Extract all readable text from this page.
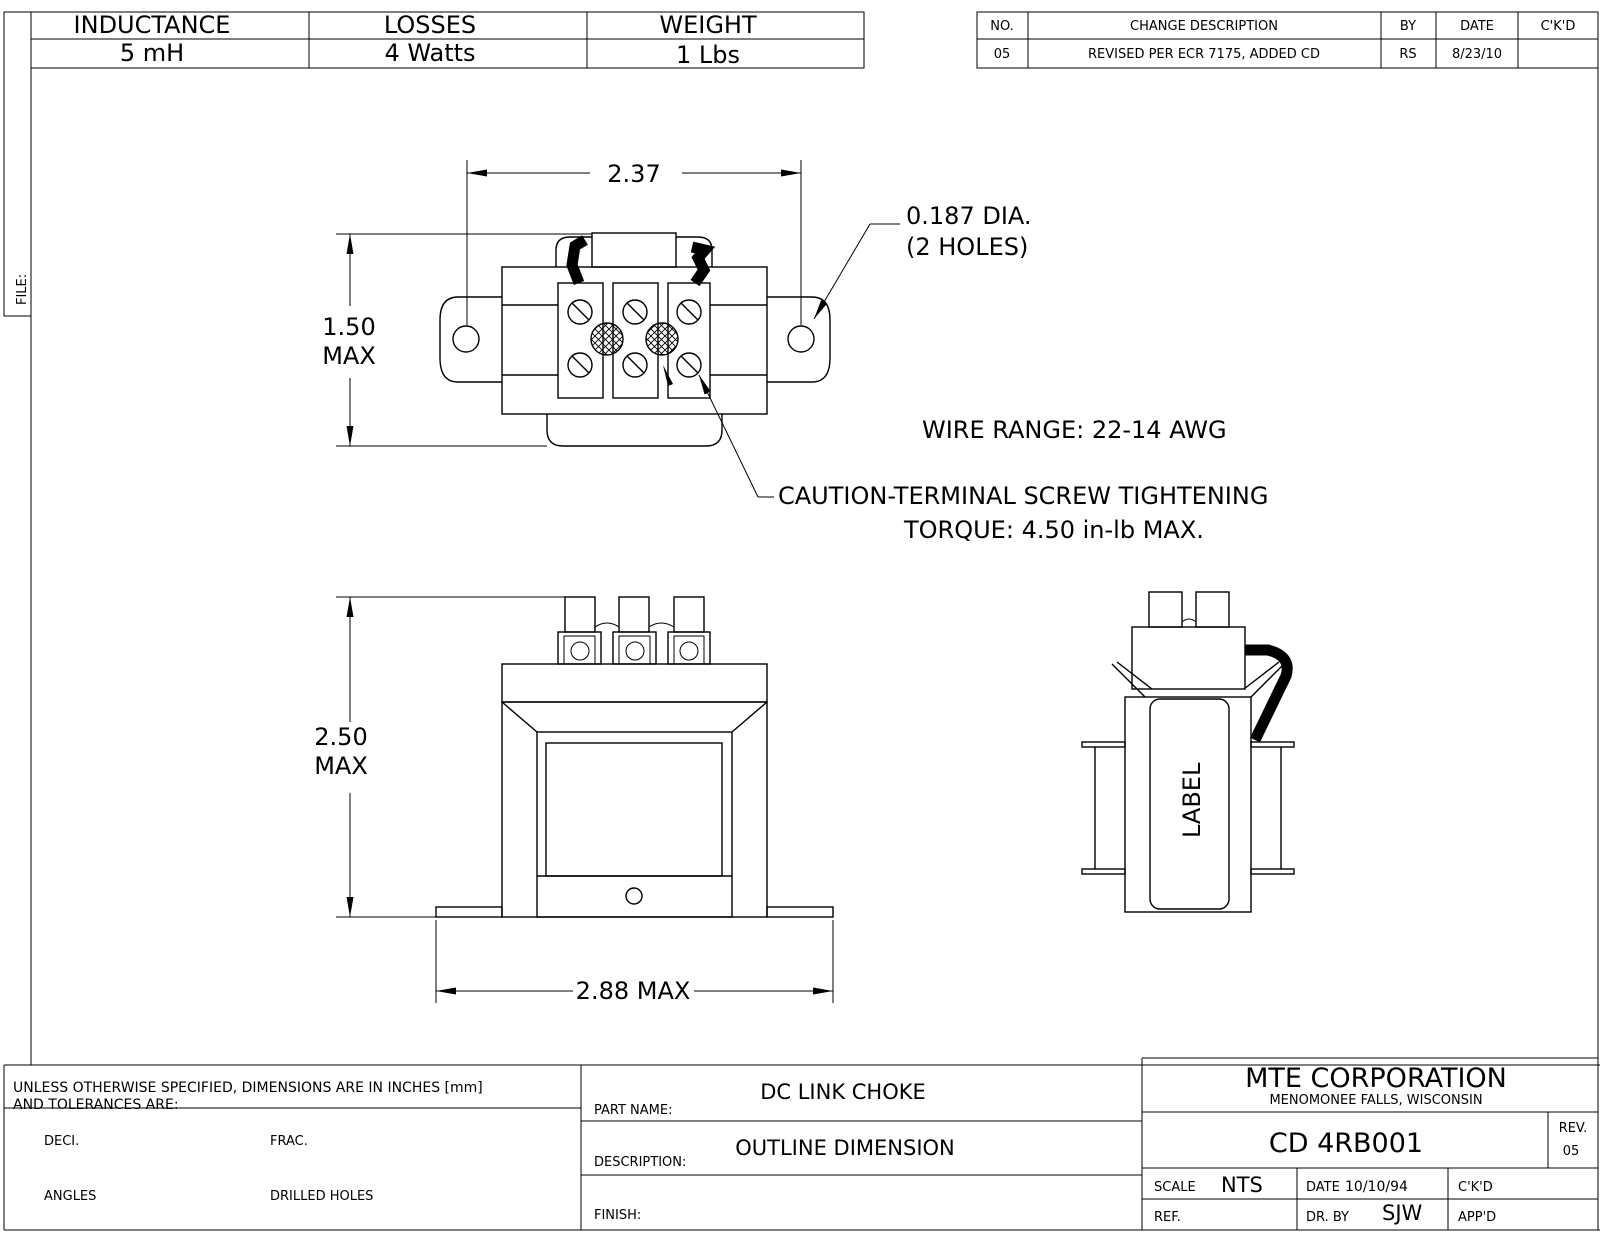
FILE:
INDUCTANCE	LOSSES	WEIGHT
5 mH	4 Watts	1 Lbs
NO.	CHANGE DESCRIPTION	BY	DATE	C'K'D
05	REVISED PER ECR 7175, ADDED CD	RS	8/23/10
2.37
1.50
MAX
0.187 DIA.
(2 HOLES)
WIRE RANGE: 22-14 AWG
CAUTION-TERMINAL SCREW TIGHTENING
TORQUE: 4.50 in-lb MAX.
2.50
MAX
2.88 MAX
LABEL
UNLESS OTHERWISE SPECIFIED, DIMENSIONS ARE IN INCHES [mm]
AND TOLERANCES ARE:
DECI.	FRAC.
ANGLES	DRILLED HOLES
PART NAME:
DC LINK CHOKE
DESCRIPTION:
OUTLINE DIMENSION
FINISH:
MTE CORPORATION
MENOMONEE FALLS, WISCONSIN
CD 4RB001	REV.
05
SCALE NTS	DATE 10/10/94	C'K'D
REF.	DR. BY SJW	APP'D
